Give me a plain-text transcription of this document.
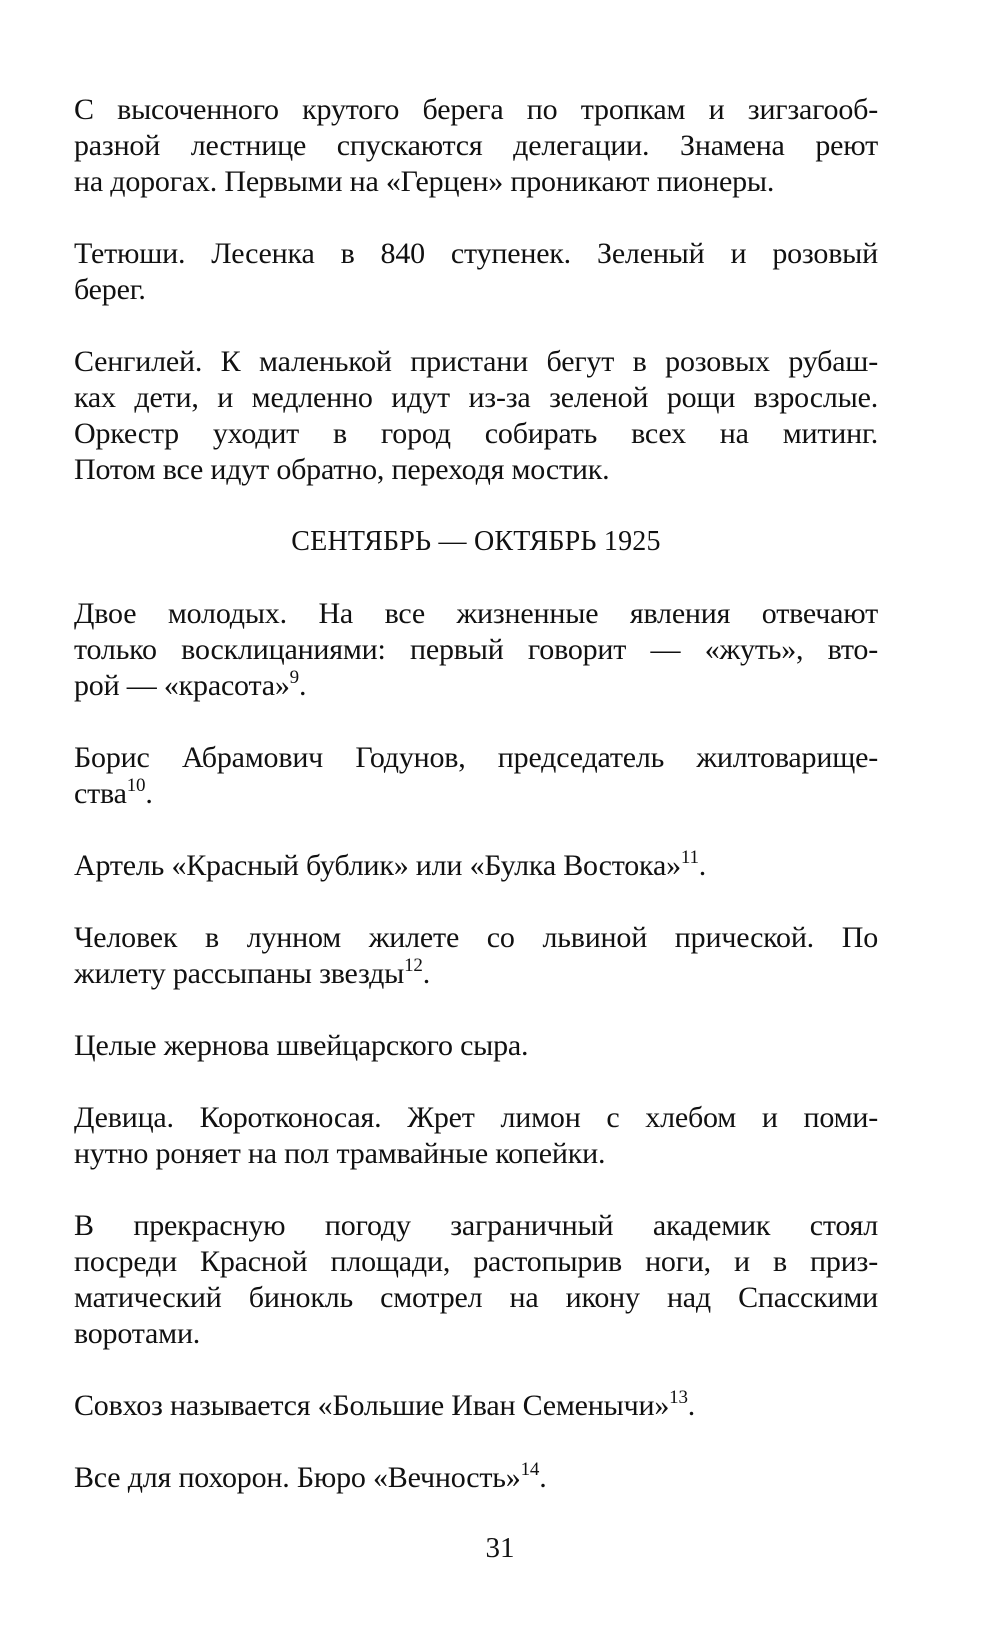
С высоченного крутого берега по тропкам и зигзагооб-
разной лестнице спускаются делегации. Знамена реют
на дорогах. Первыми на «Герцен» проникают пионеры.

Тетюши. Лесенка в 840 ступенек. Зеленый и розовый
берег.

Сенгилей. К маленькой пристани бегут в розовых рубаш-
ках дети, и медленно идут из-за зеленой рощи взрослые.
Оркестр уходит в город собирать всех на митинг.
Потом все идут обратно, переходя мостик.

СЕНТЯБРЬ — ОКТЯБРЬ 1925

Двое молодых. На все жизненные явления отвечают
только восклицаниями: первый говорит — «жуть», вто-
рой — «красота»$^9$.

Борис Абрамович Годунов, председатель жилтоварище-
ства$^{10}$.

Артель «Красный бублик» или «Булка Востока»$^{11}$.

Человек в лунном жилете со львиной прической. По
жилету рассыпаны звезды$^{12}$.

Целые жернова швейцарского сыра.

Девица. Коротконосая. Жрет лимон с хлебом и поми-
нутно роняет на пол трамвайные копейки.

В прекрасную погоду заграничный академик стоял
посреди Красной площади, растопырив ноги, и в приз-
матический бинокль смотрел на икону над Спасскими
воротами.

Совхоз называется «Большие Иван Семенычи»$^{13}$.

Все для похорон. Бюро «Вечность»$^{14}$.

31
